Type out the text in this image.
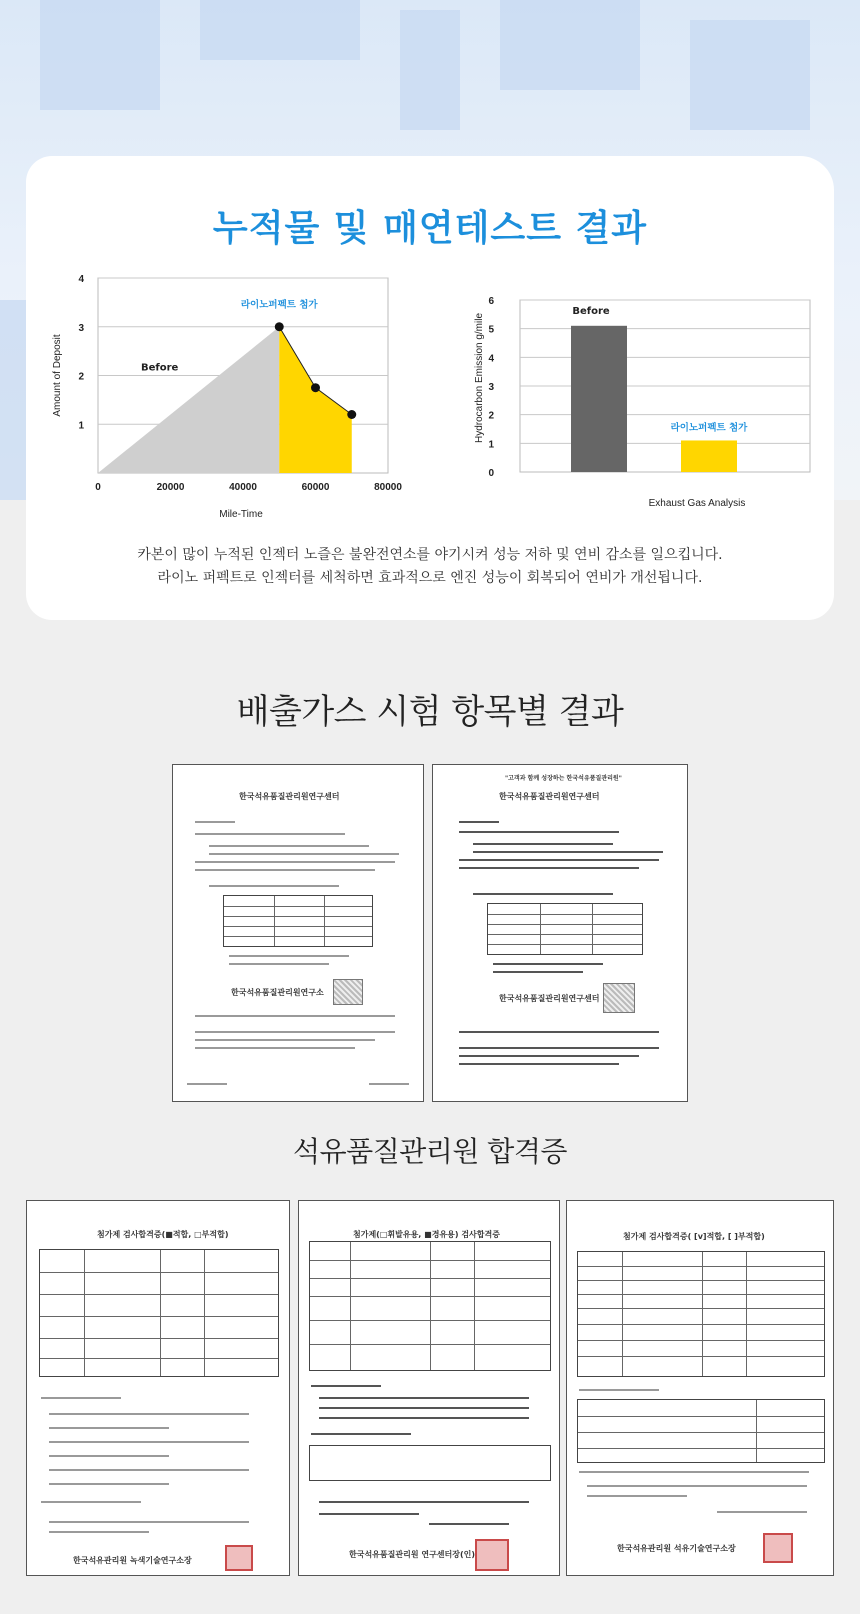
누적물 및 매연테스트 결과
1
2
3
4
0	20000	40000	60000	80000
Before
라이노퍼펙트 첨가
Mile-Time
Amount of Deposit
0
1
2
3
4
5
6
Before
라이노퍼펙트 첨가
Exhaust Gas Analysis
Hydrocarbon Emission g/mile
카본이 많이 누적된 인젝터 노즐은 불완전연소를 야기시켜 성능 저하 및 연비 감소를 일으킵니다.
라이노 퍼펙트로 인젝터를 세척하면 효과적으로 엔진 성능이 회복되어 연비가 개선됩니다.
배출가스 시험 항목별 결과
한국석유품질관리원연구센터
한국석유품질관리원연구소
"고객과 함께 성장하는 한국석유품질관리원"
한국석유품질관리원연구센터
한국석유품질관리원연구센터
석유품질관리원 합격증
첨가제 검사합격증(■적합, □부적합)
한국석유관리원 녹색기술연구소장
첨가제(□휘발유용, ■경유용) 검사합격증
한국석유품질관리원 연구센터장(인)
첨가제 검사합격증( [v]적합, [ ]부적합)
한국석유관리원 석유기술연구소장
